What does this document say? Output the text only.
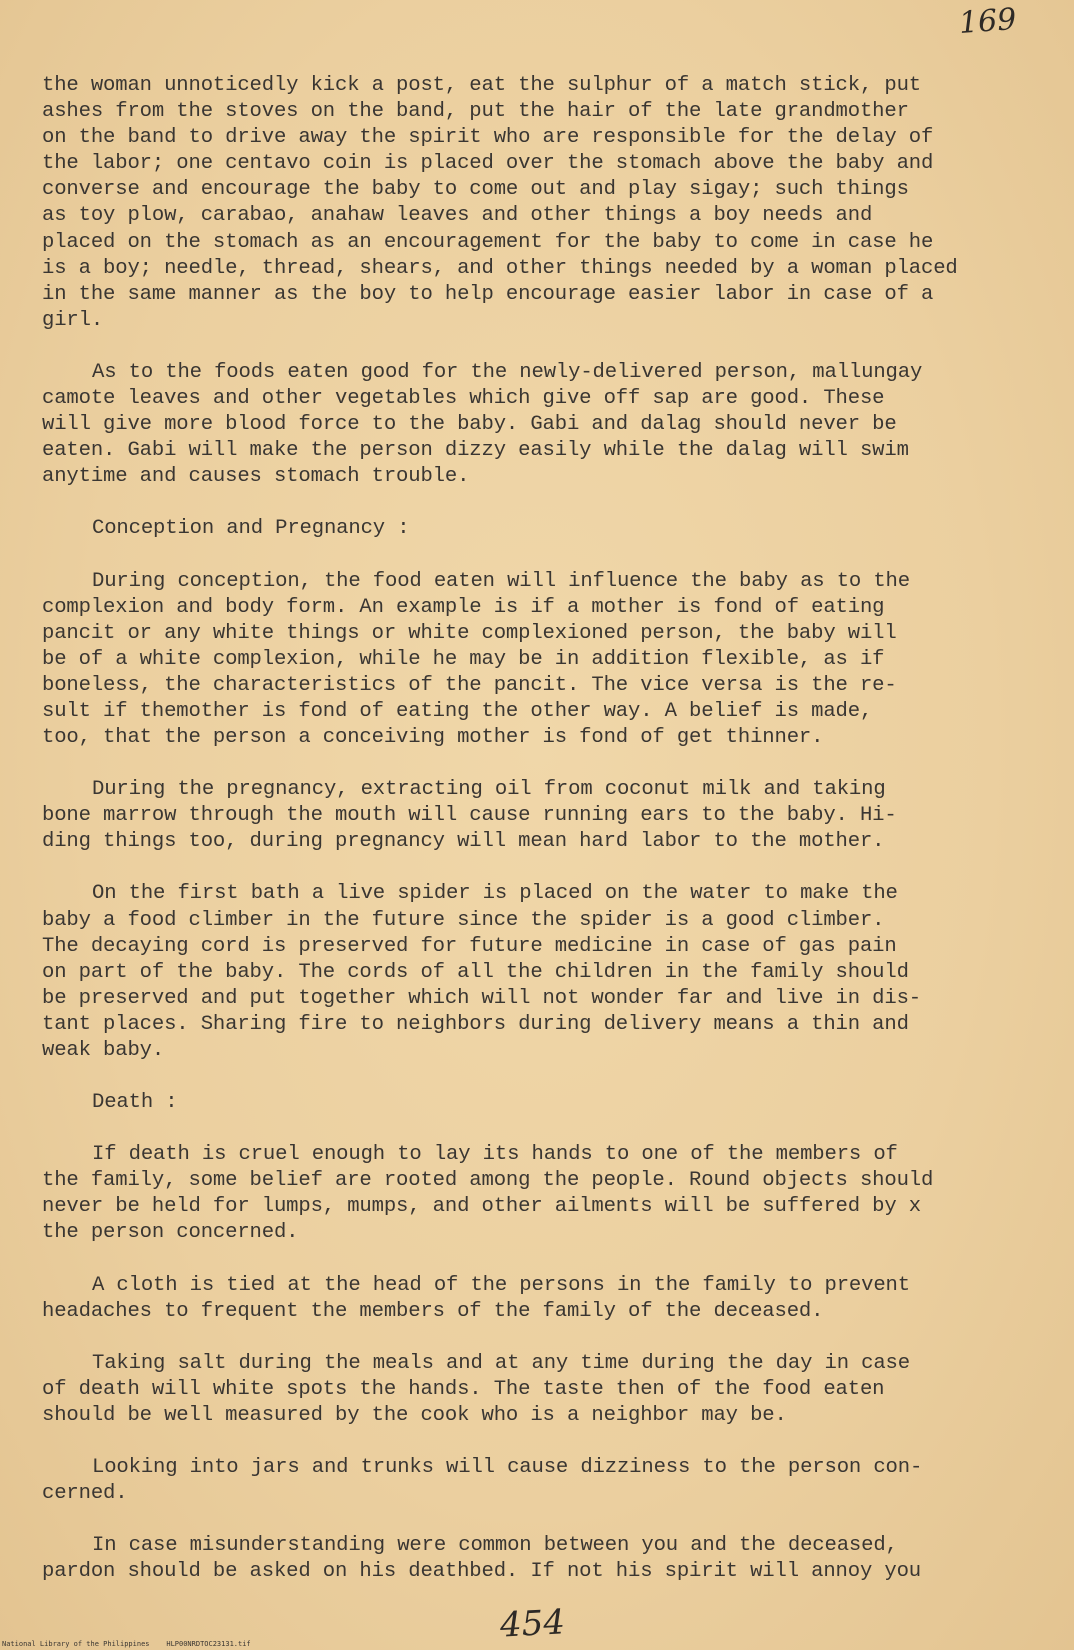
169
the woman unnoticedly kick a post, eat the sulphur of a match stick, put
ashes from the stoves on the band, put the hair of the late grandmother
on the band to drive away the spirit who are responsible for the delay of
the labor; one centavo coin is placed over the stomach above the baby and
converse and encourage the baby to come out and play sigay; such things
as toy plow, carabao, anahaw leaves and other things a boy needs and
placed on the stomach as an encouragement for the baby to come in case he
is a boy; needle, thread, shears, and other things needed by a woman placed
in the same manner as the boy to help encourage easier labor in case of a
girl.
As to the foods eaten good for the newly-delivered person, mallungay
camote leaves and other vegetables which give off sap are good. These
will give more blood force to the baby. Gabi and dalag should never be
eaten. Gabi will make the person dizzy easily while the dalag will swim
anytime and causes stomach trouble.
Conception and Pregnancy :
During conception, the food eaten will influence the baby as to the
complexion and body form. An example is if a mother is fond of eating
pancit or any white things or white complexioned person, the baby will
be of a white complexion, while he may be in addition flexible, as if
boneless, the characteristics of the pancit. The vice versa is the re-
sult if themother is fond of eating the other way. A belief is made,
too, that the person a conceiving mother is fond of get thinner.
During the pregnancy, extracting oil from coconut milk and taking
bone marrow through the mouth will cause running ears to the baby. Hi-
ding things too, during pregnancy will mean hard labor to the mother.
On the first bath a live spider is placed on the water to make the
baby a food climber in the future since the spider is a good climber.
The decaying cord is preserved for future medicine in case of gas pain
on part of the baby. The cords of all the children in the family should
be preserved and put together which will not wonder far and live in dis-
tant places. Sharing fire to neighbors during delivery means a thin and
weak baby.
Death :
If death is cruel enough to lay its hands to one of the members of
the family, some belief are rooted among the people. Round objects should
never be held for lumps, mumps, and other ailments will be suffered by x
the person concerned.
A cloth is tied at the head of the persons in the family to prevent
headaches to frequent the members of the family of the deceased.
Taking salt during the meals and at any time during the day in case
of death will white spots the hands. The taste then of the food eaten
should be well measured by the cook who is a neighbor may be.
Looking into jars and trunks will cause dizziness to the person con-
cerned.
In case misunderstanding were common between you and the deceased,
pardon should be asked on his deathbed. If not his spirit will annoy you
454
National Library of the Philippines    HLP00NRDTOC23131.tif
